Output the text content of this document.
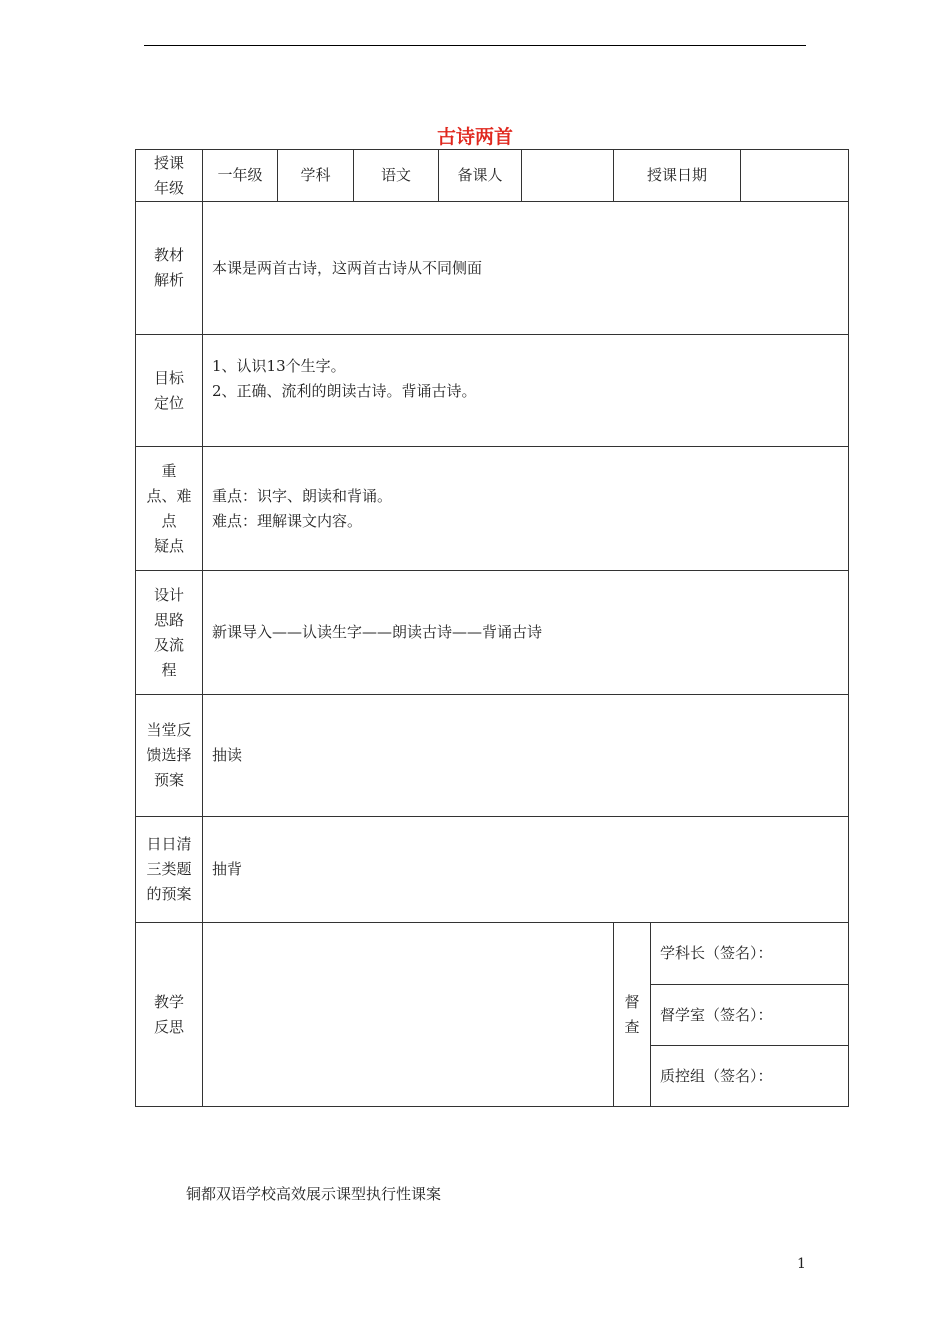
古诗两首
授课
年级	一年级	学科	语文	备课人		授课日期		

教材
解析	本课是两首古诗，这两首古诗从不同侧面							

目标
定位	1、认识13个生字。
2、正确、流利的朗读古诗。背诵古诗。							

重
点、难
点
疑点	重点：识字、朗读和背诵。
难点：理解课文内容。							

设计
思路
及流
程	新课导入——认读生字——朗读古诗——背诵古诗							

当堂反
馈选择
预案	抽读							

日日清
三类题
的预案	抽背							

教学
反思						督
查	学科长（签名）：	
							督学室（签名）：	
							质控组（签名）：	
铜都双语学校高效展示课型执行性课案
1
